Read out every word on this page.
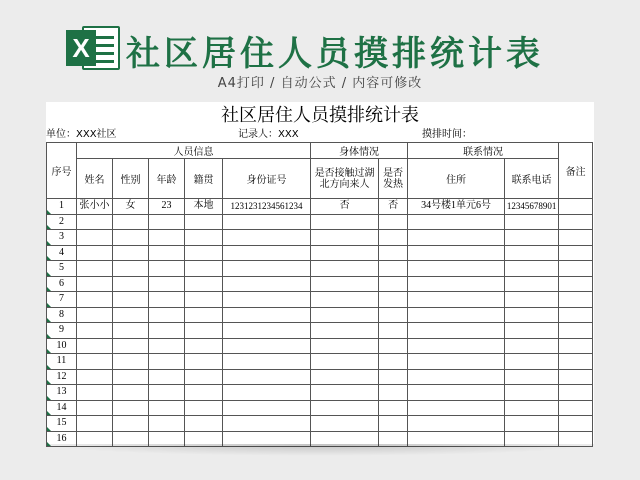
X 社区居住人员摸排统计表
A4打印 / 自动公式 / 内容可修改
社区居住人员摸排统计表
单位：XXX社区	记录人：XXX	摸排时间：
序号	人员信息					身体情况		联系情况		备注
	姓名	性别	年龄	籍贯	身份证号	是否接触过湖北方向来人	是否发热	住所	联系电话	
1	张小小	女	23	本地	1231231234561234	否	否	34号楼1单元6号	12345678901	
2										
3										
4										
5										
6										
7										
8										
9										
10										
11										
12										
13										
14										
15										
16										
